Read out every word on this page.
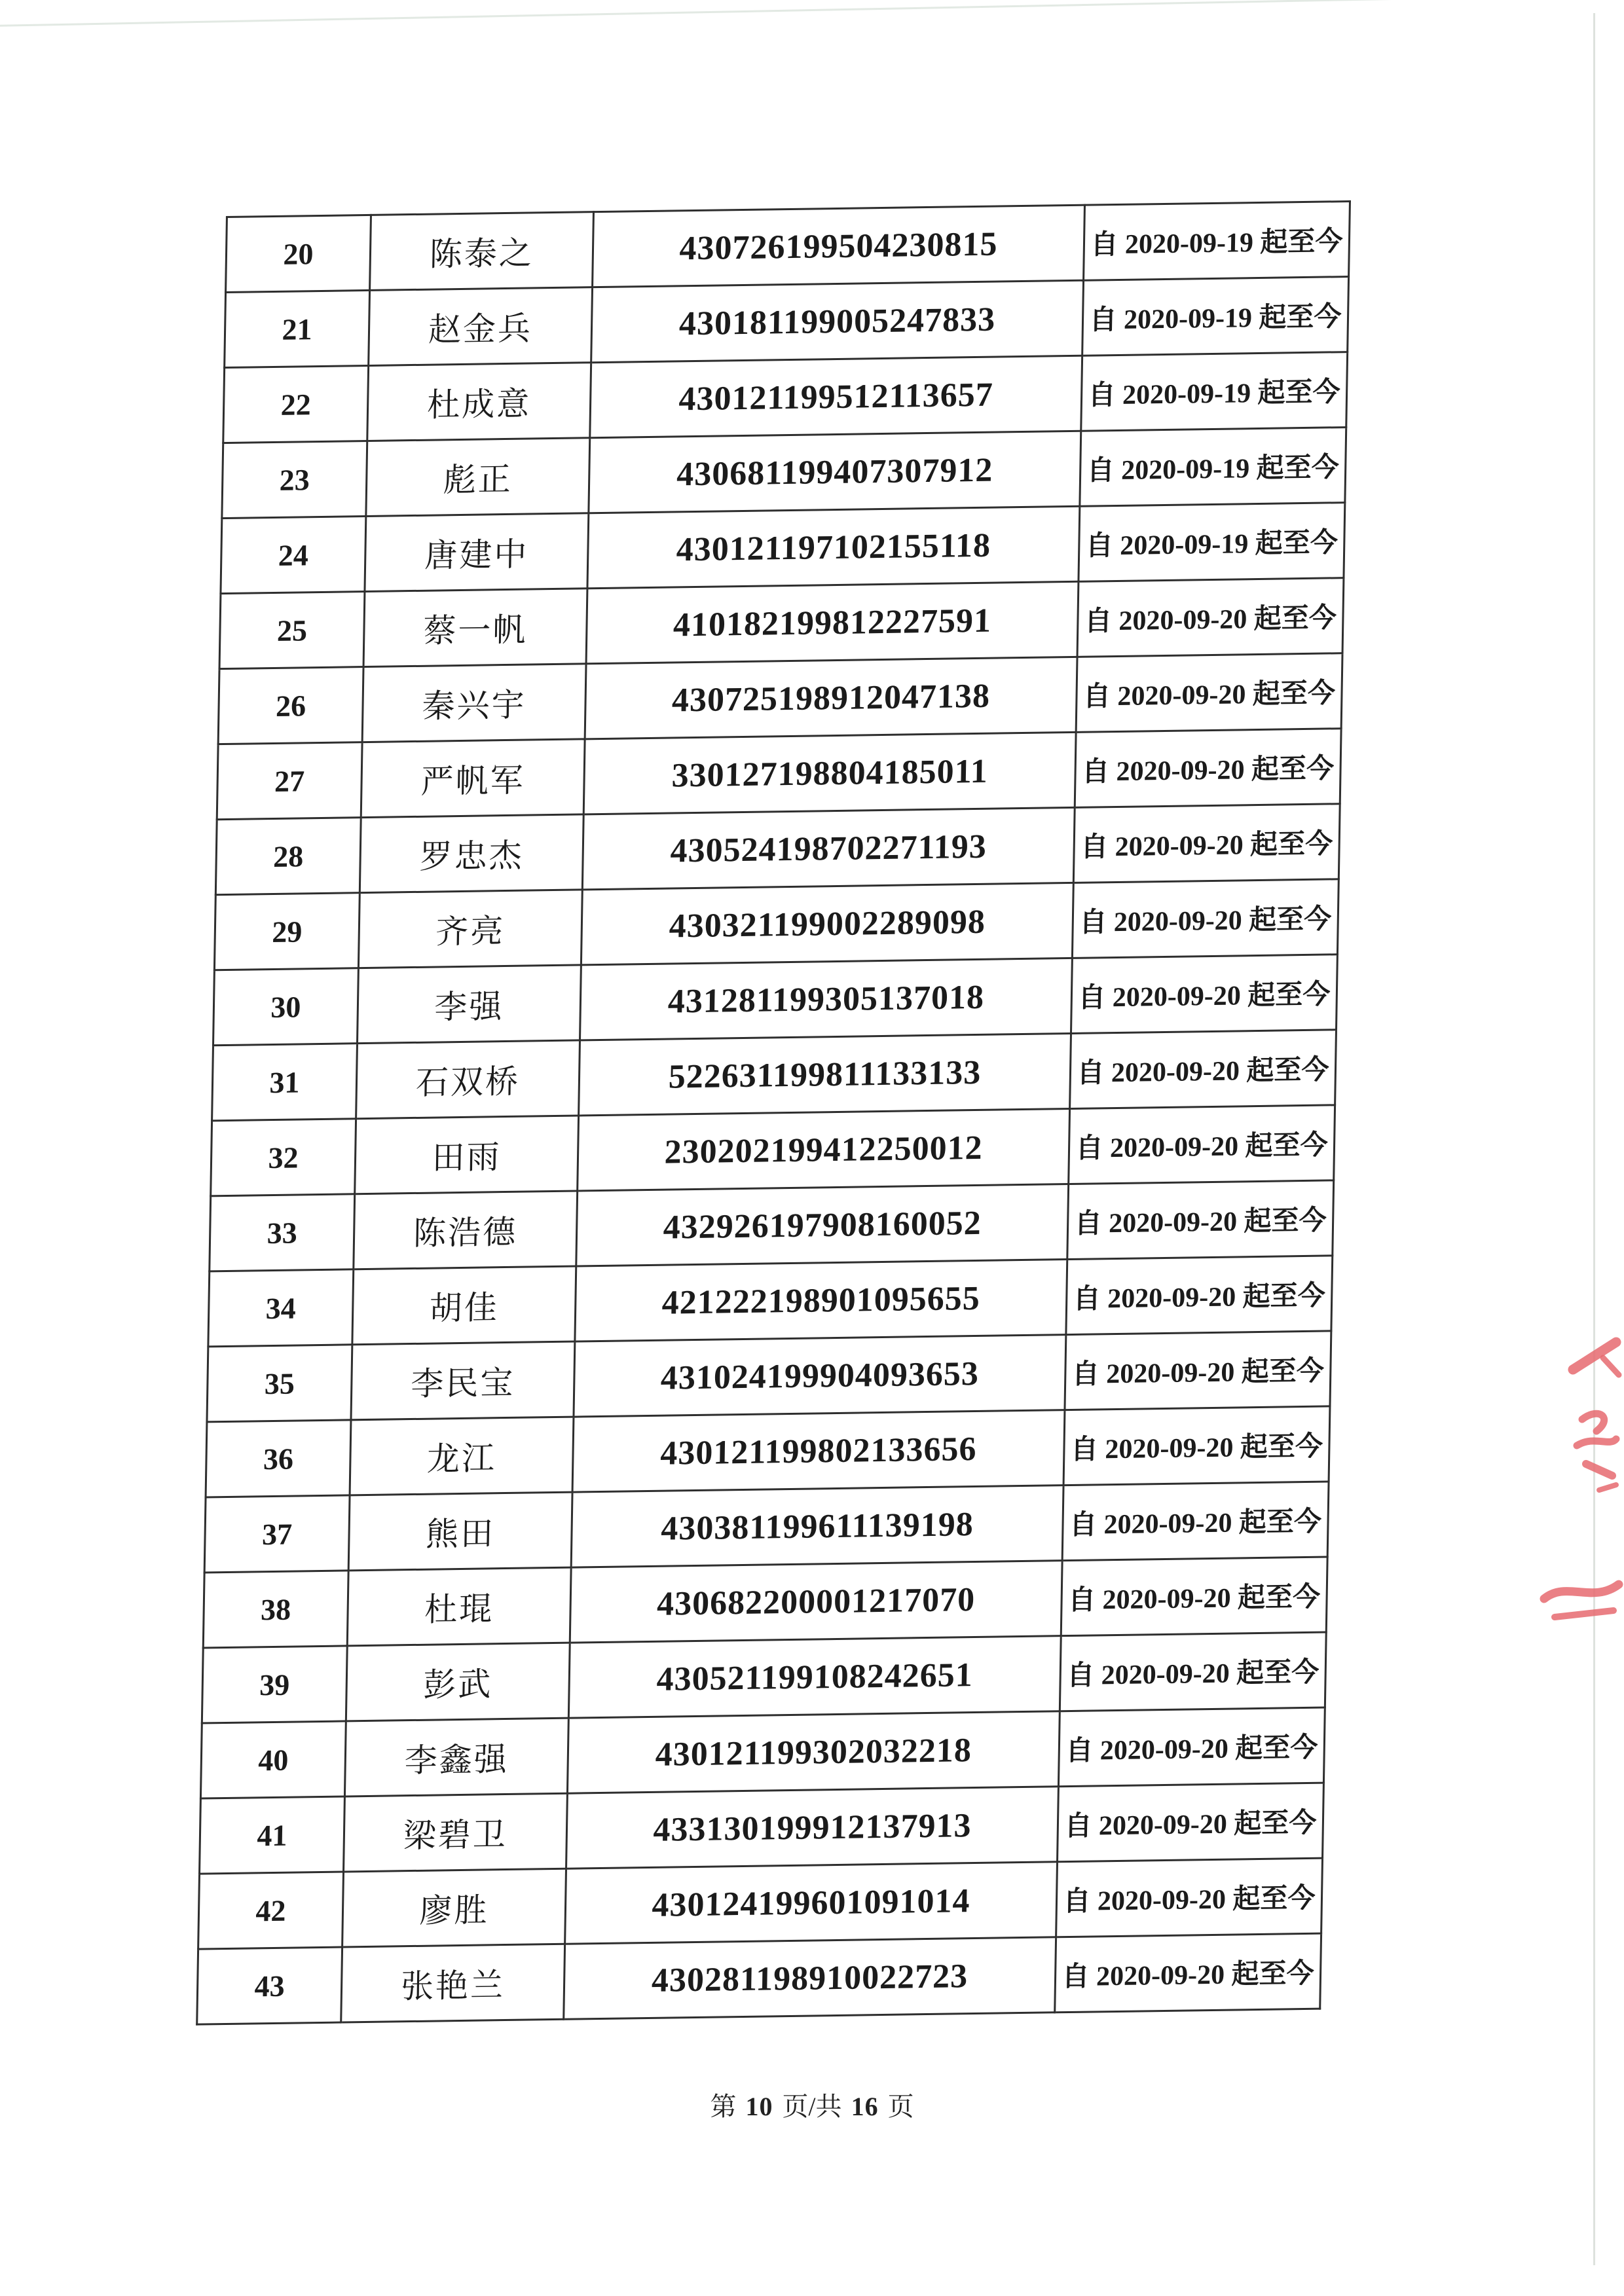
20	陈泰之	430726199504230815	自 2020-09-19 起至今
21	赵金兵	430181199005247833	自 2020-09-19 起至今
22	杜成意	430121199512113657	自 2020-09-19 起至今
23	彪正	430681199407307912	自 2020-09-19 起至今
24	唐建中	430121197102155118	自 2020-09-19 起至今
25	蔡一帆	410182199812227591	自 2020-09-20 起至今
26	秦兴宇	430725198912047138	自 2020-09-20 起至今
27	严帆军	330127198804185011	自 2020-09-20 起至今
28	罗忠杰	430524198702271193	自 2020-09-20 起至今
29	齐亮	430321199002289098	自 2020-09-20 起至今
30	李强	431281199305137018	自 2020-09-20 起至今
31	石双桥	522631199811133133	自 2020-09-20 起至今
32	田雨	230202199412250012	自 2020-09-20 起至今
33	陈浩德	432926197908160052	自 2020-09-20 起至今
34	胡佳	421222198901095655	自 2020-09-20 起至今
35	李民宝	431024199904093653	自 2020-09-20 起至今
36	龙江	430121199802133656	自 2020-09-20 起至今
37	熊田	430381199611139198	自 2020-09-20 起至今
38	杜琨	430682200001217070	自 2020-09-20 起至今
39	彭武	430521199108242651	自 2020-09-20 起至今
40	李鑫强	430121199302032218	自 2020-09-20 起至今
41	梁碧卫	433130199912137913	自 2020-09-20 起至今
42	廖胜	430124199601091014	自 2020-09-20 起至今
43	张艳兰	430281198910022723	自 2020-09-20 起至今
第 10 页/共 16 页
